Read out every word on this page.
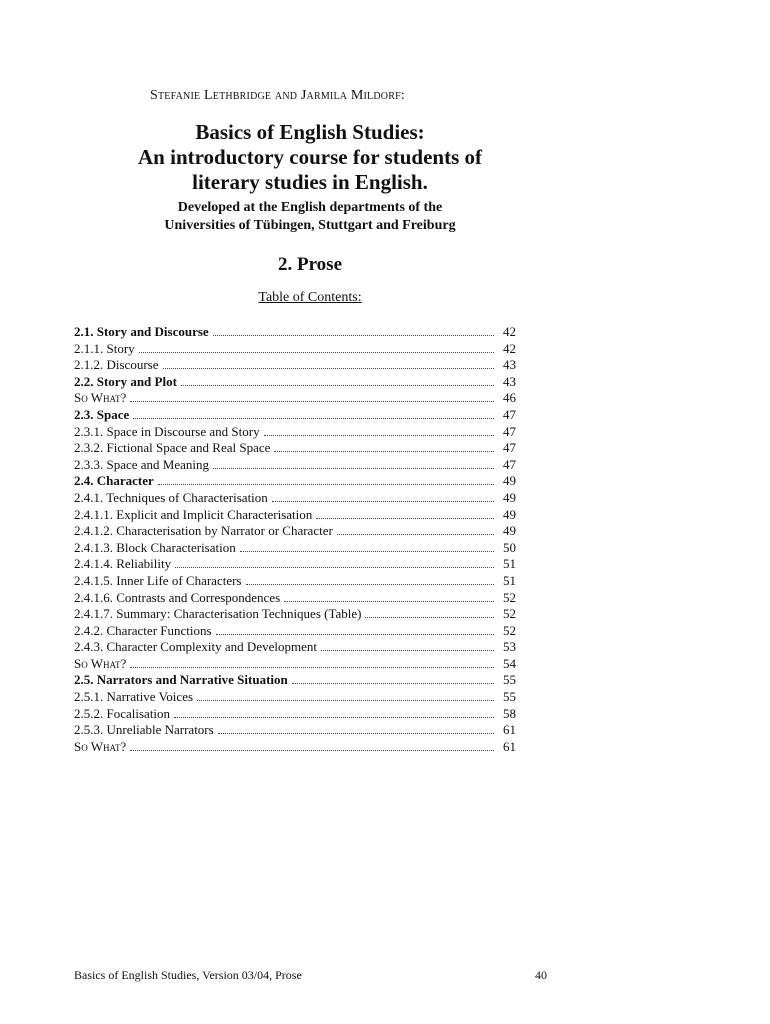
Stefanie Lethbridge and Jarmila Mildorf:
Basics of English Studies:
An introductory course for students of
literary studies in English.
Developed at the English departments of the
Universities of Tübingen, Stuttgart and Freiburg
2. Prose
Table of Contents:
2.1. Story and Discourse	42
2.1.1. Story	42
2.1.2. Discourse	43
2.2. Story and Plot	43
So What?	46
2.3. Space	47
2.3.1. Space in Discourse and Story	47
2.3.2. Fictional Space and Real Space	47
2.3.3. Space and Meaning	47
2.4. Character	49
2.4.1. Techniques of Characterisation	49
2.4.1.1. Explicit and Implicit Characterisation	49
2.4.1.2. Characterisation by Narrator or Character	49
2.4.1.3. Block Characterisation	50
2.4.1.4. Reliability	51
2.4.1.5. Inner Life of Characters	51
2.4.1.6. Contrasts and Correspondences	52
2.4.1.7. Summary: Characterisation Techniques (Table)	52
2.4.2. Character Functions	52
2.4.3. Character Complexity and Development	53
So What?	54
2.5. Narrators and Narrative Situation	55
2.5.1. Narrative Voices	55
2.5.2. Focalisation	58
2.5.3. Unreliable Narrators	61
So What?	61
Basics of English Studies, Version 03/04, Prose	40
